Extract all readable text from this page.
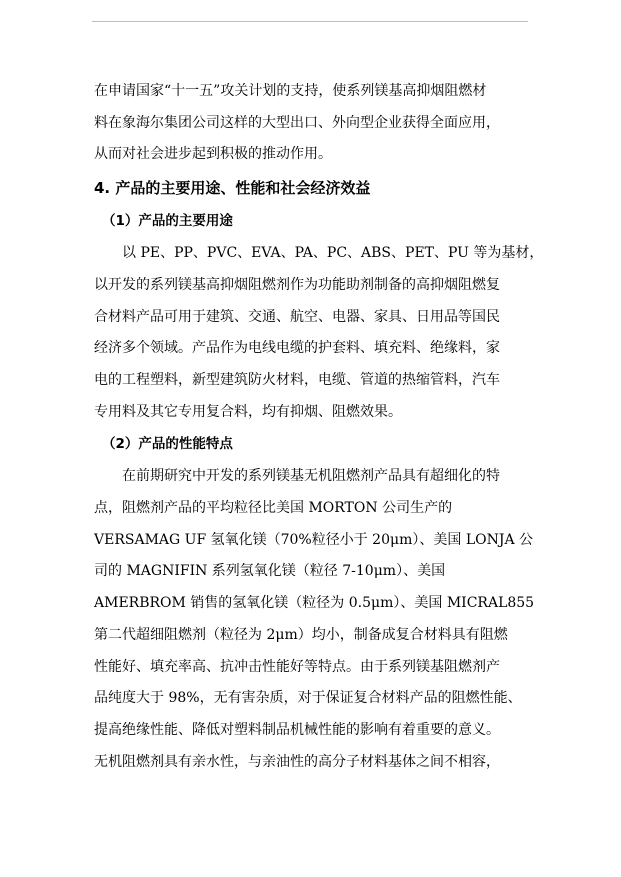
在申请国家“十一五”攻关计划的支持，使系列镁基高抑烟阻燃材
料在象海尔集团公司这样的大型出口、外向型企业获得全面应用，
从而对社会进步起到积极的推动作用。
4. 产品的主要用途、性能和社会经济效益
（1）产品的主要用途
以 PE、PP、PVC、EVA、PA、PC、ABS、PET、PU 等为基材，
以开发的系列镁基高抑烟阻燃剂作为功能助剂制备的高抑烟阻燃复
合材料产品可用于建筑、交通、航空、电器、家具、日用品等国民
经济多个领域。产品作为电线电缆的护套料、填充料、绝缘料，家
电的工程塑料，新型建筑防火材料，电缆、管道的热缩管料，汽车
专用料及其它专用复合料，均有抑烟、阻燃效果。
（2）产品的性能特点
在前期研究中开发的系列镁基无机阻燃剂产品具有超细化的特
点，阻燃剂产品的平均粒径比美国 MORTON 公司生产的
VERSAMAG UF 氢氧化镁（70%粒径小于 20μm）、美国 LONJA 公
司的 MAGNIFIN 系列氢氧化镁（粒径 7-10μm）、美国
AMERBROM 销售的氢氧化镁（粒径为 0.5μm）、美国 MICRAL855
第二代超细阻燃剂（粒径为 2μm）均小，制备成复合材料具有阻燃
性能好、填充率高、抗冲击性能好等特点。由于系列镁基阻燃剂产
品纯度大于 98%，无有害杂质，对于保证复合材料产品的阻燃性能、
提高绝缘性能、降低对塑料制品机械性能的影响有着重要的意义。
无机阻燃剂具有亲水性，与亲油性的高分子材料基体之间不相容，
